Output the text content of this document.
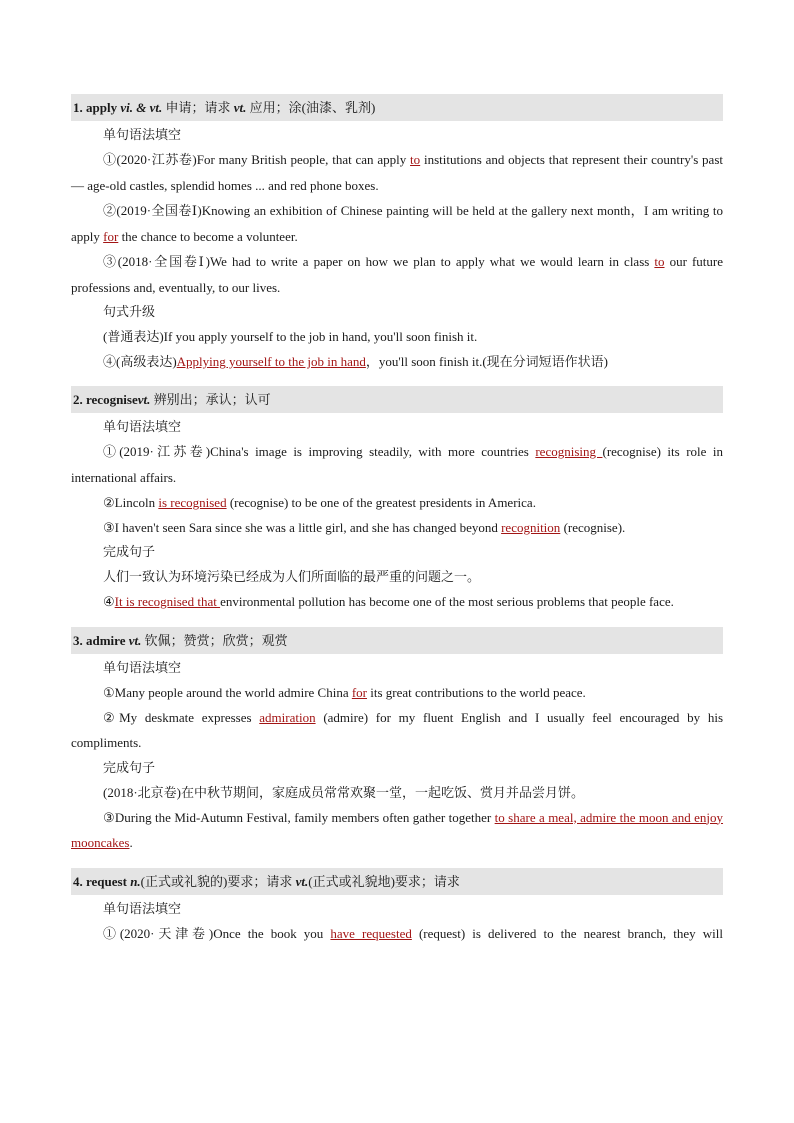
1. apply vi. & vt. 申请；请求 vt. 应用；涂(油漆、乳剂)
单句语法填空
①(2020·江苏卷)For many British people, that can apply to institutions and objects that represent their country's past — age-old castles, splendid homes ... and red phone boxes.
②(2019·全国卷Ⅰ)Knowing an exhibition of Chinese painting will be held at the gallery next month，I am writing to apply for the chance to become a volunteer.
③(2018·全国卷Ⅰ)We had to write a paper on how we plan to apply what we would learn in class to our future professions and, eventually, to our lives.
句式升级
(普通表达)If you apply yourself to the job in hand, you'll soon finish it.
④(高级表达)Applying yourself to the job in hand，you'll soon finish it.(现在分词短语作状语)
2. recognisevt. 辨别出；承认；认可
单句语法填空
①(2019·江苏卷)China's image is improving steadily, with more countries recognising (recognise) its role in international affairs.
②Lincoln is recognised (recognise) to be one of the greatest presidents in America.
③I haven't seen Sara since she was a little girl, and she has changed beyond recognition (recognise).
完成句子
人们一致认为环境污染已经成为人们所面临的最严重的问题之一。
④It is recognised that environmental pollution has become one of the most serious problems that people face.
3. admire vt. 钦佩；赞赏；欣赏；观赏
单句语法填空
①Many people around the world admire China for its great contributions to the world peace.
②My deskmate expresses admiration (admire) for my fluent English and I usually feel encouraged by his compliments.
完成句子
(2018·北京卷)在中秋节期间，家庭成员常常欢聚一堂，一起吃饭、赏月并品尝月饼。
③During the Mid-Autumn Festival, family members often gather together to share a meal, admire the moon and enjoy mooncakes.
4. request n.(正式或礼貌的)要求；请求 vt.(正式或礼貌地)要求；请求
单句语法填空
①(2020·天津卷)Once the book you have requested (request) is delivered to the nearest branch, they will
